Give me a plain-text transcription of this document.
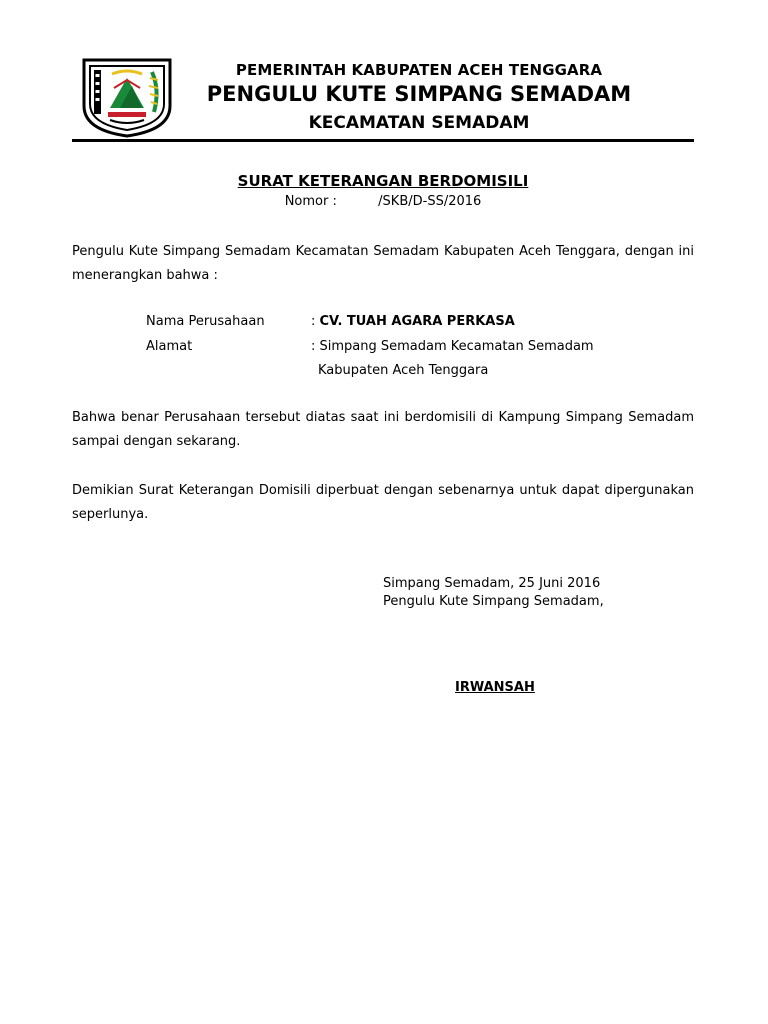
PEMERINTAH KABUPATEN ACEH TENGGARA
PENGULU KUTE SIMPANG SEMADAM
KECAMATAN SEMADAM
SURAT KETERANGAN BERDOMISILI
Nomor :          /SKB/D-SS/2016
Pengulu Kute Simpang Semadam Kecamatan Semadam Kabupaten Aceh Tenggara, dengan ini menerangkan bahwa :
Nama Perusahaan	: CV. TUAH AGARA PERKASA
Alamat	: Simpang Semadam Kecamatan Semadam
Kabupaten Aceh Tenggara
Bahwa benar Perusahaan tersebut diatas saat ini berdomisili di Kampung Simpang Semadam sampai dengan sekarang.
Demikian Surat Keterangan Domisili diperbuat dengan sebenarnya untuk dapat dipergunakan seperlunya.
Simpang Semadam, 25 Juni 2016
Pengulu Kute Simpang Semadam,
IRWANSAH
